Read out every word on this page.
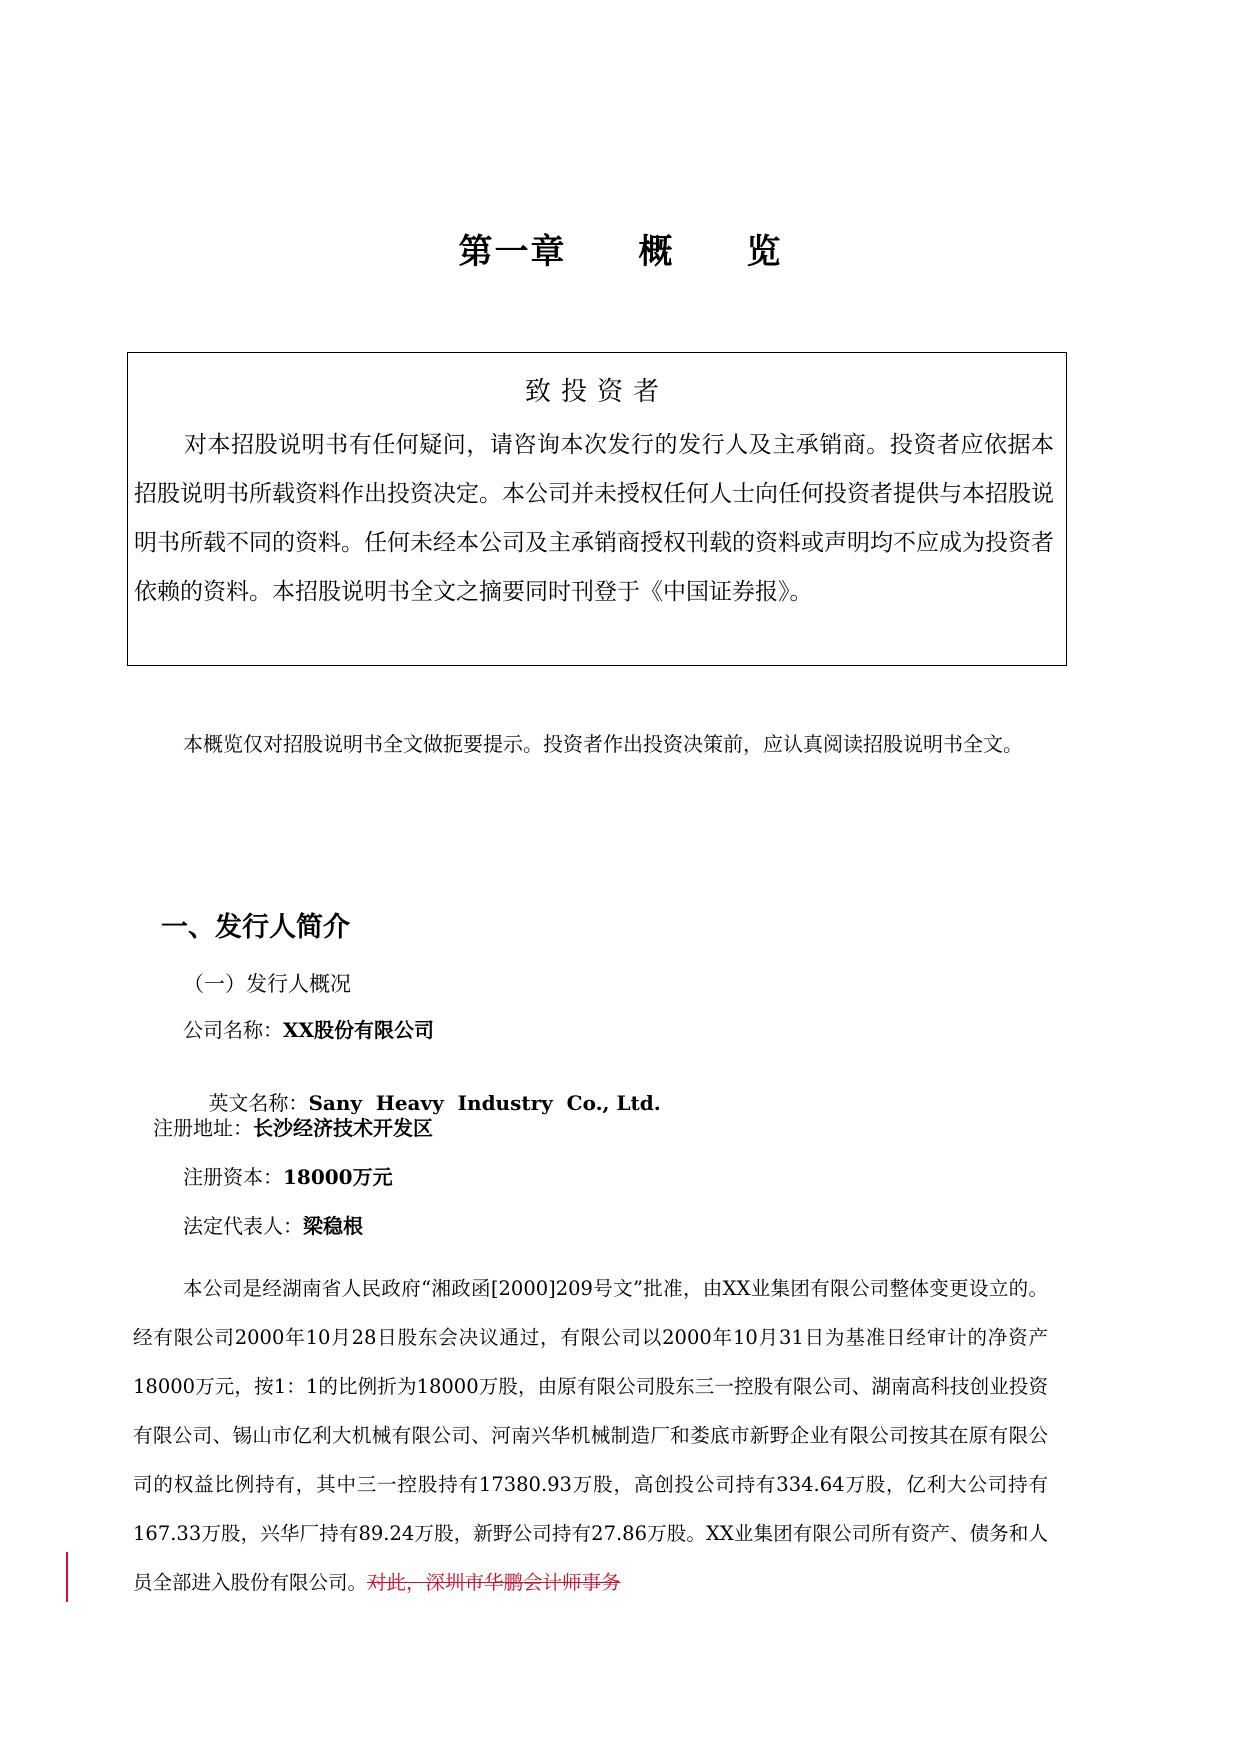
第一章 概 览
致投资者
对本招股说明书有任何疑问，请咨询本次发行的发行人及主承销商。投资者应依据本招股说明书所载资料作出投资决定。本公司并未授权任何人士向任何投资者提供与本招股说明书所载不同的资料。任何未经本公司及主承销商授权刊载的资料或声明均不应成为投资者依赖的资料。本招股说明书全文之摘要同时刊登于《中国证券报》。
本概览仅对招股说明书全文做扼要提示。投资者作出投资决策前，应认真阅读招股说明书全文。
一、发行人简介
（一）发行人概况
公司名称：XX股份有限公司

英文名称：Sany  Heavy  Industry  Co., Ltd.

注册地址：长沙经济技术开发区
注册资本：18000万元
法定代表人：梁稳根
本公司是经湖南省人民政府“湘政函[2000]209号文”批准，由XX业集团有限公司整体变更设立的。经有限公司2000年10月28日股东会决议通过，有限公司以2000年10月31日为基准日经审计的净资产18000万元，按1：1的比例折为18000万股，由原有限公司股东三一控股有限公司、湖南高科技创业投资有限公司、锡山市亿利大机械有限公司、河南兴华机械制造厂和娄底市新野企业有限公司按其在原有限公司的权益比例持有，其中三一控股持有17380.93万股，高创投公司持有334.64万股，亿利大公司持有167.33万股，兴华厂持有89.24万股，新野公司持有27.86万股。XX业集团有限公司所有资产、债务和人员全部进入股份有限公司。对此，深圳市华鹏会计师事务
